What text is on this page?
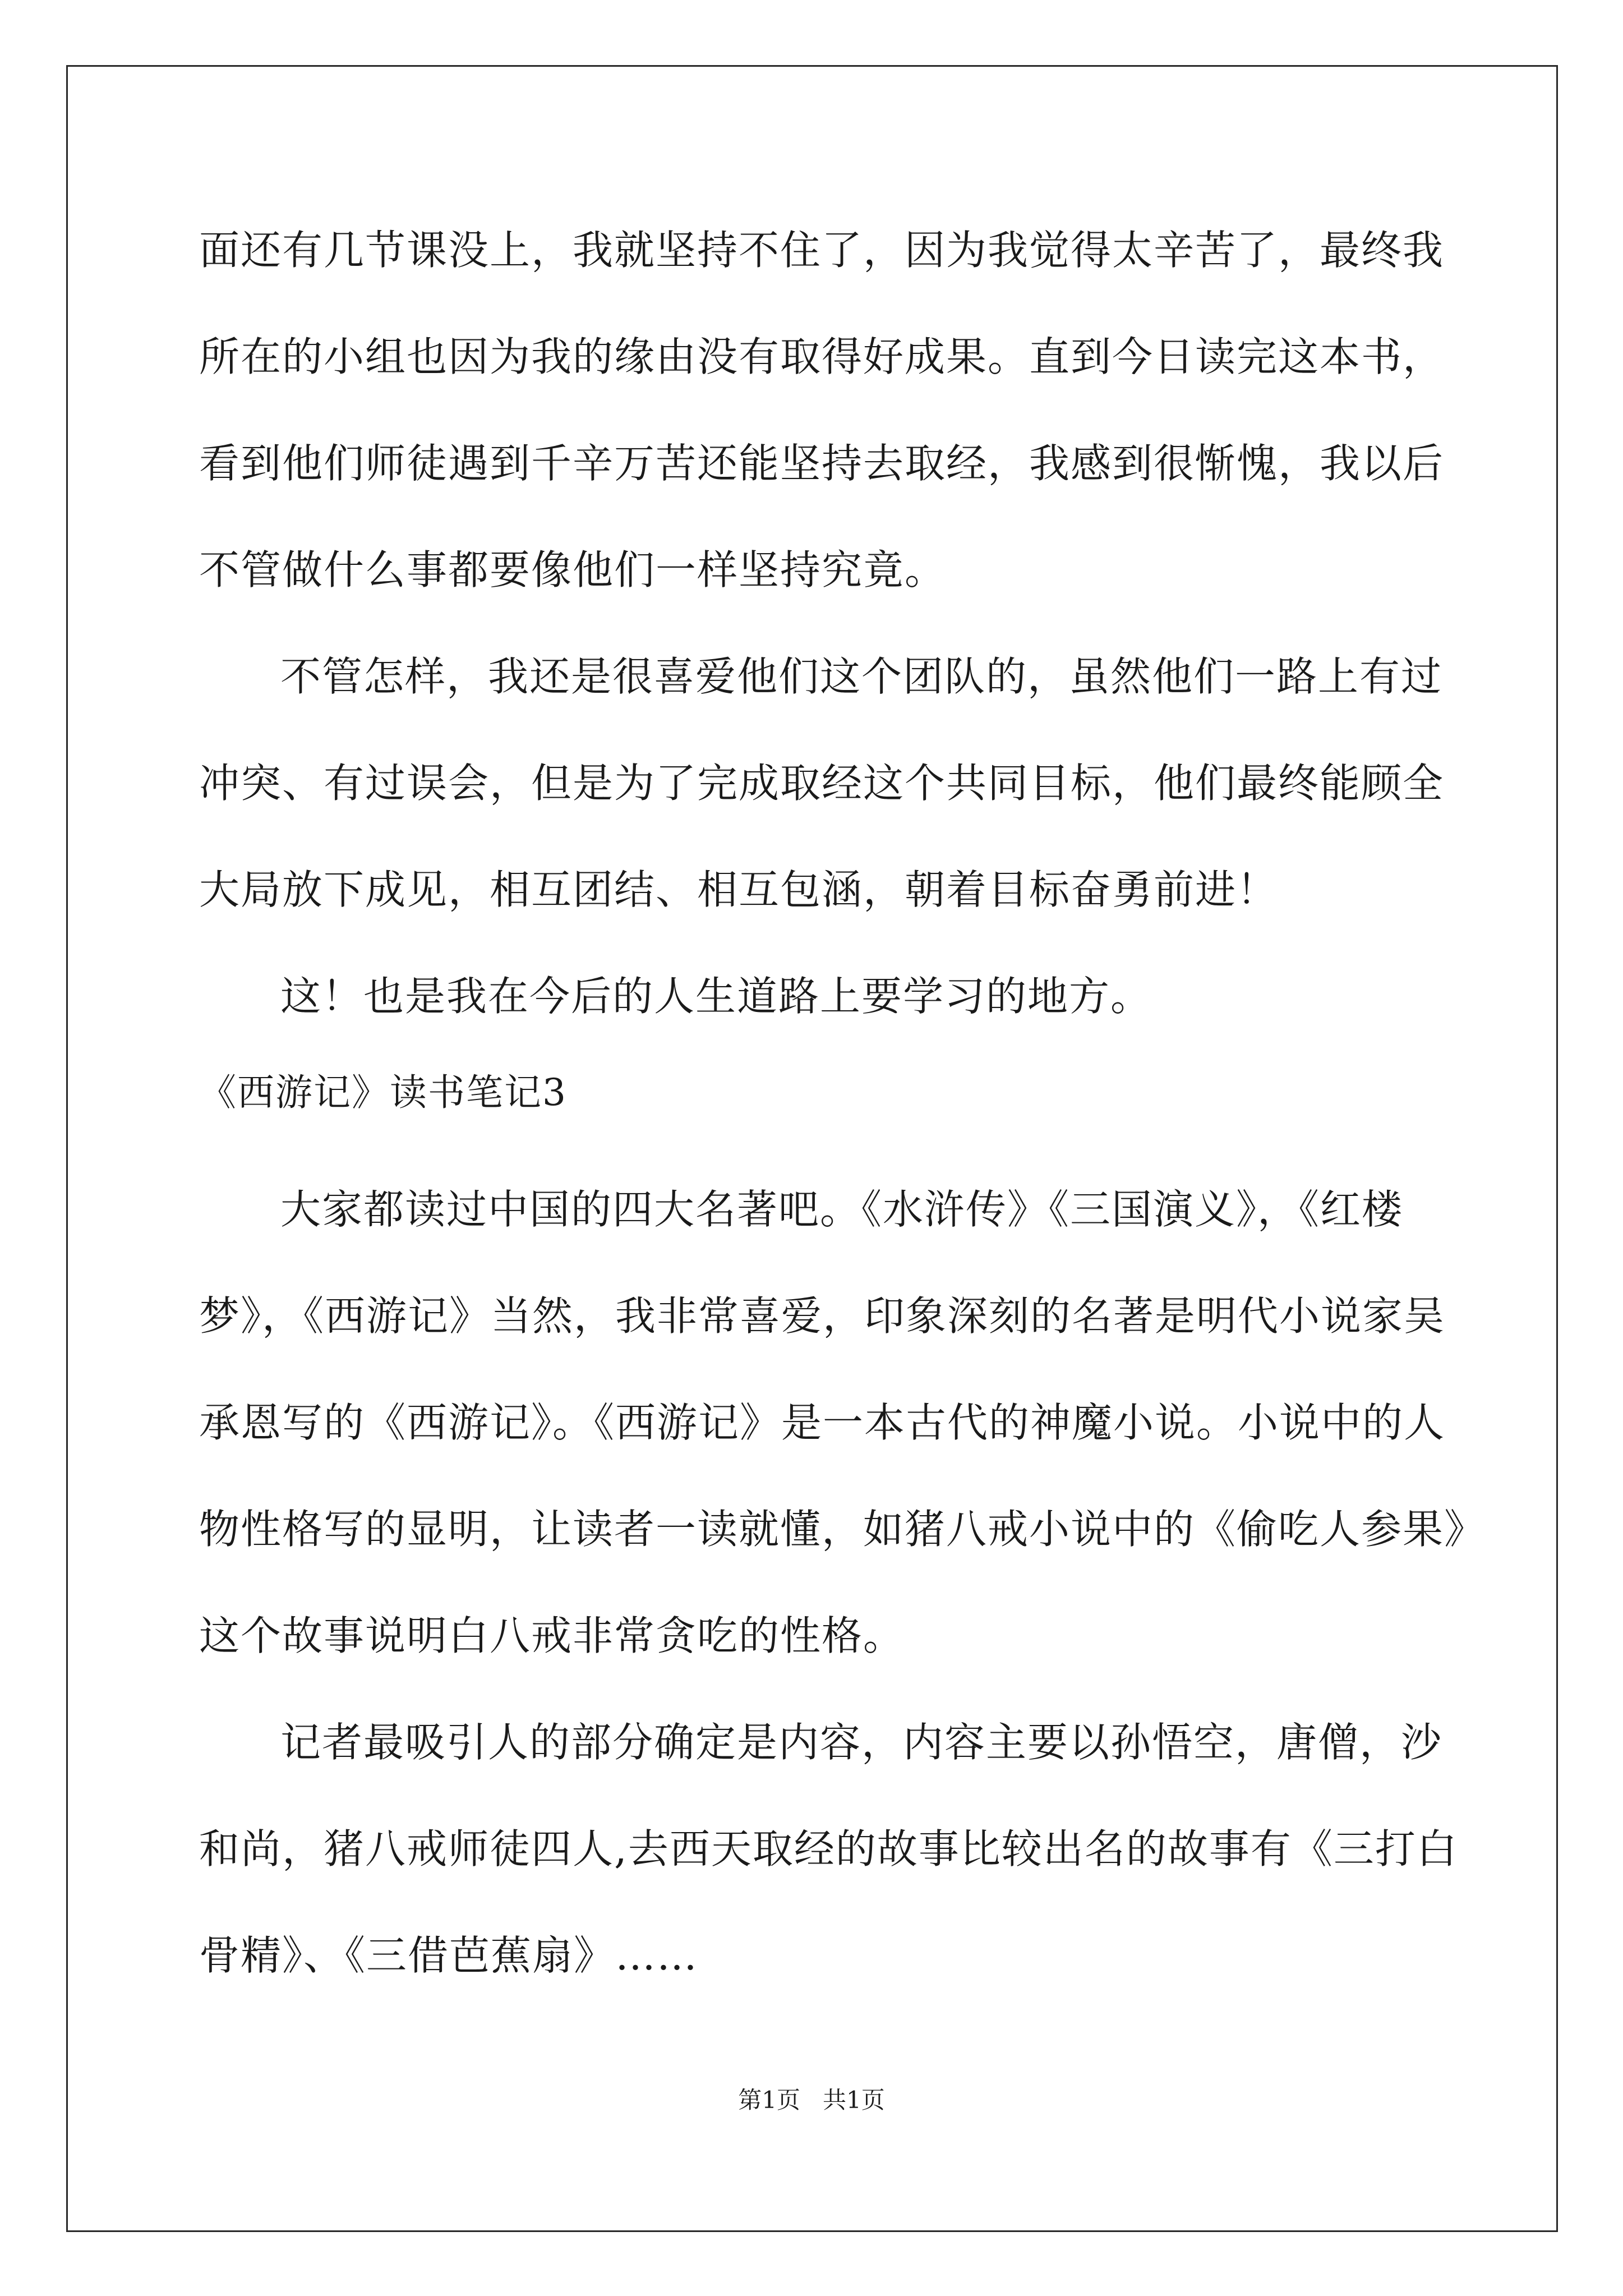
面还有几节课没上，我就坚持不住了，因为我觉得太辛苦了，最终我
所在的小组也因为我的缘由没有取得好成果。直到今日读完这本书，
看到他们师徒遇到千辛万苦还能坚持去取经，我感到很惭愧，我以后
不管做什么事都要像他们一样坚持究竟。
不管怎样，我还是很喜爱他们这个团队的，虽然他们一路上有过
冲突、有过误会，但是为了完成取经这个共同目标，他们最终能顾全
大局放下成见，相互团结、相互包涵，朝着目标奋勇前进！
这！也是我在今后的人生道路上要学习的地方。
《西游记》读书笔记3
大家都读过中国的四大名著吧。《水浒传》《三国演义》，《红楼
梦》，《西游记》当然，我非常喜爱，印象深刻的名著是明代小说家吴
承恩写的《西游记》。《西游记》是一本古代的神魔小说。小说中的人
物性格写的显明，让读者一读就懂，如猪八戒小说中的《偷吃人参果》
这个故事说明白八戒非常贪吃的性格。
记者最吸引人的部分确定是内容，内容主要以孙悟空，唐僧，沙
和尚，猪八戒师徒四人,去西天取经的故事比较出名的故事有《三打白
骨精》、《三借芭蕉扇》……
第1页   共1页
